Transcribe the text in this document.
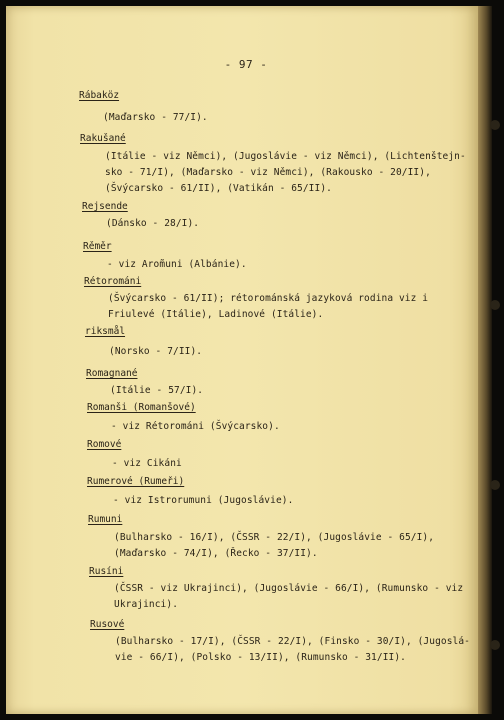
- 97 -
Rábaköz
(Maďarsko - 77/I).
Rakušané
(Itálie - viz Němci), (Jugoslávie - viz Němci), (Lichtenštejn-
sko - 71/I), (Maďarsko - viz Němci), (Rakousko - 20/II),
(Švýcarsko - 61/II), (Vatikán - 65/II).
Rejsende
(Dánsko - 28/I).
Rěměr
- viz Arom̃uni (Albánie).
Rétorománi
(Švýcarsko - 61/II); rétorománská jazyková rodina viz i
Friulevé (Itálie), Ladinové (Itálie).
riksmål
(Norsko - 7/II).
Romagnané
(Itálie - 57/I).
Romanši (Romanšové)
- viz Rétorománi (Švýcarsko).
Romové
- viz Cikáni
Rumerové (Rumeři)
- viz Istrorumuni (Jugoslávie).
Rumuni
(Bulharsko - 16/I), (ČSSR - 22/I), (Jugoslávie - 65/I),
(Maďarsko - 74/I), (Řecko - 37/II).
Rusíni
(ČSSR - viz Ukrajinci), (Jugoslávie - 66/I), (Rumunsko - viz
Ukrajinci).
Rusové
(Bulharsko - 17/I), (ČSSR - 22/I), (Finsko - 30/I), (Jugoslá-
vie - 66/I), (Polsko - 13/II), (Rumunsko - 31/II).
